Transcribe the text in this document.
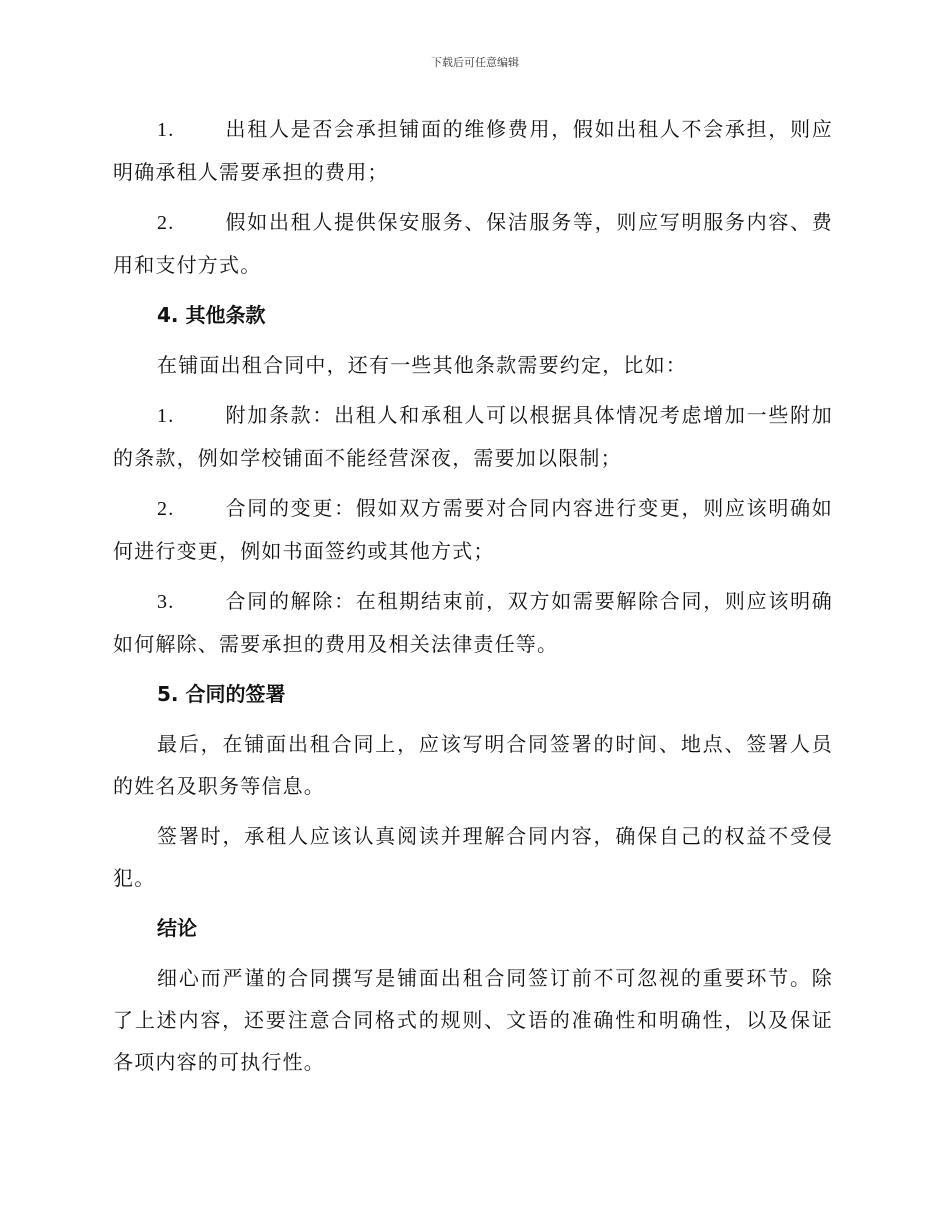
下载后可任意编辑

1.	出租人是否会承担铺面的维修费用，假如出租人不会承担，则应明确承租人需要承担的费用；

2.	假如出租人提供保安服务、保洁服务等，则应写明服务内容、费用和支付方式。

4. 其他条款

在铺面出租合同中，还有一些其他条款需要约定，比如：

1.	附加条款：出租人和承租人可以根据具体情况考虑增加一些附加的条款，例如学校铺面不能经营深夜，需要加以限制；

2.	合同的变更：假如双方需要对合同内容进行变更，则应该明确如何进行变更，例如书面签约或其他方式；

3.	合同的解除：在租期结束前，双方如需要解除合同，则应该明确如何解除、需要承担的费用及相关法律责任等。

5. 合同的签署

最后，在铺面出租合同上，应该写明合同签署的时间、地点、签署人员的姓名及职务等信息。

签署时，承租人应该认真阅读并理解合同内容，确保自己的权益不受侵犯。

结论

细心而严谨的合同撰写是铺面出租合同签订前不可忽视的重要环节。除了上述内容，还要注意合同格式的规则、文语的准确性和明确性，以及保证各项内容的可执行性。
